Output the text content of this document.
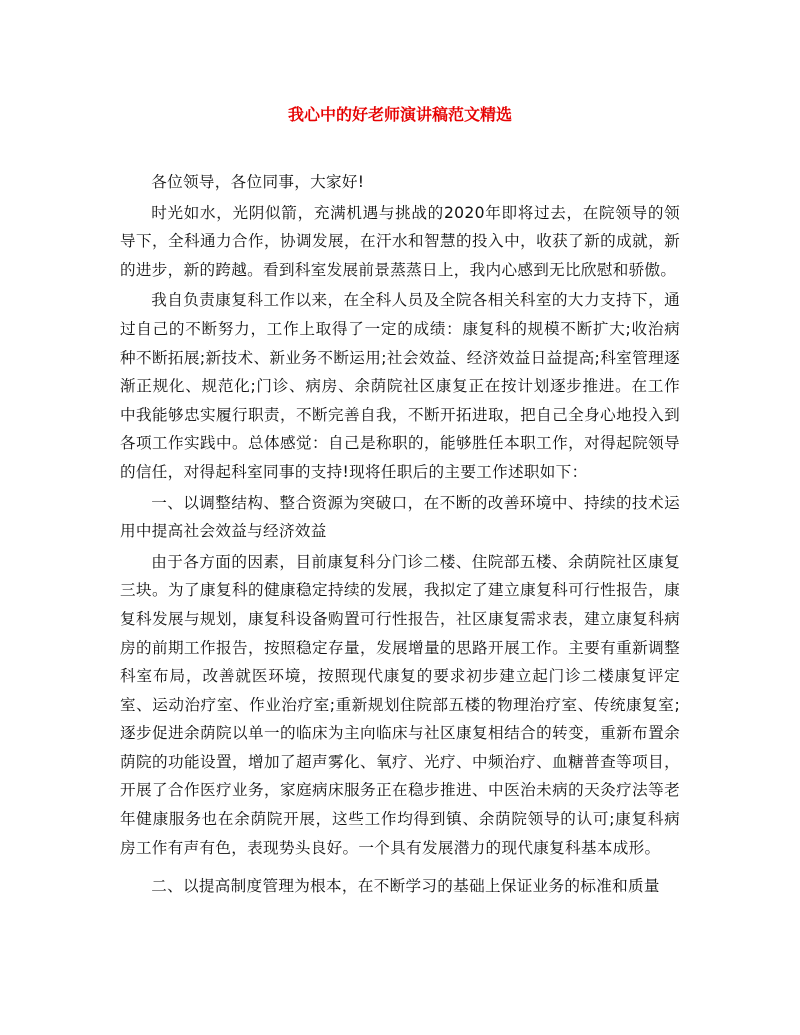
我心中的好老师演讲稿范文精选

各位领导，各位同事，大家好!

时光如水，光阴似箭，充满机遇与挑战的2020年即将过去，在院领导的领导下，全科通力合作，协调发展，在汗水和智慧的投入中，收获了新的成就，新的进步，新的跨越。看到科室发展前景蒸蒸日上，我内心感到无比欣慰和骄傲。

我自负责康复科工作以来，在全科人员及全院各相关科室的大力支持下，通过自己的不断努力，工作上取得了一定的成绩：康复科的规模不断扩大;收治病种不断拓展;新技术、新业务不断运用;社会效益、经济效益日益提高;科室管理逐渐正规化、规范化;门诊、病房、余荫院社区康复正在按计划逐步推进。在工作中我能够忠实履行职责，不断完善自我，不断开拓进取，把自己全身心地投入到各项工作实践中。总体感觉：自己是称职的，能够胜任本职工作，对得起院领导的信任，对得起科室同事的支持!现将任职后的主要工作述职如下：

一、以调整结构、整合资源为突破口，在不断的改善环境中、持续的技术运用中提高社会效益与经济效益

由于各方面的因素，目前康复科分门诊二楼、住院部五楼、余荫院社区康复三块。为了康复科的健康稳定持续的发展，我拟定了建立康复科可行性报告，康复科发展与规划，康复科设备购置可行性报告，社区康复需求表，建立康复科病房的前期工作报告，按照稳定存量，发展增量的思路开展工作。主要有重新调整科室布局，改善就医环境，按照现代康复的要求初步建立起门诊二楼康复评定室、运动治疗室、作业治疗室;重新规划住院部五楼的物理治疗室、传统康复室;逐步促进余荫院以单一的临床为主向临床与社区康复相结合的转变，重新布置余荫院的功能设置，增加了超声雾化、氧疗、光疗、中频治疗、血糖普查等项目，开展了合作医疗业务，家庭病床服务正在稳步推进、中医治未病的天灸疗法等老年健康服务也在余荫院开展，这些工作均得到镇、余荫院领导的认可;康复科病房工作有声有色，表现势头良好。一个具有发展潜力的现代康复科基本成形。

二、以提高制度管理为根本，在不断学习的基础上保证业务的标准和质量
